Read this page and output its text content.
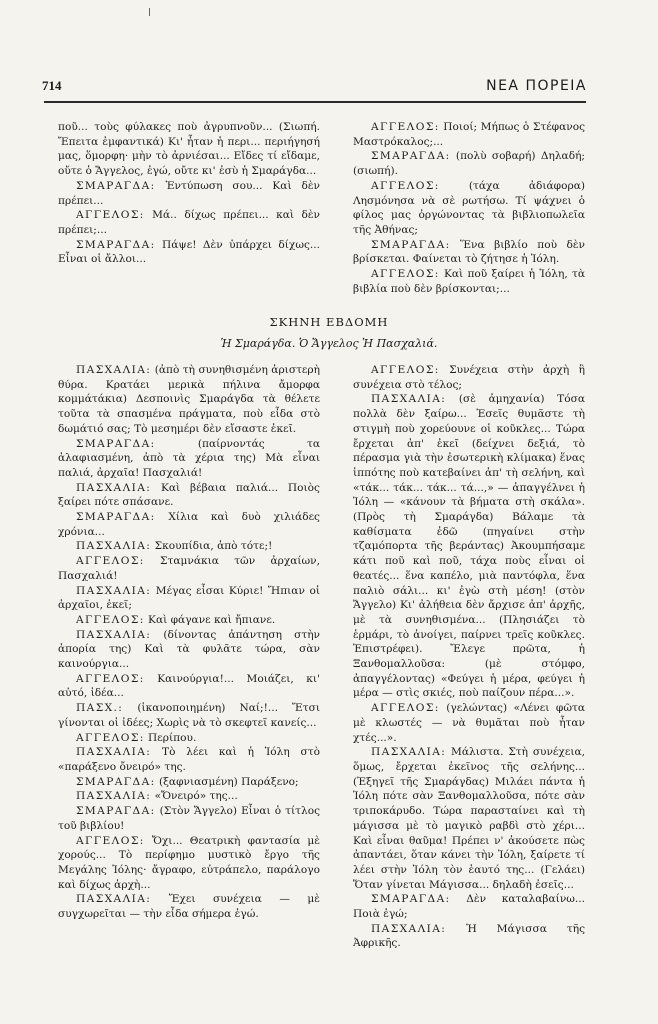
714	ΝΕΑ ΠΟΡΕΙΑ

ποῦ... τοὺς φύλακες ποὺ ἀγρυπνοῦν... (Σιωπή. Ἔπειτα ἐμφαντικά) Κι' ἦταν ἡ περι... περιήγησή μας, ὅμορφη· μὴν τὸ ἀρνιέσαι... Εἴδες τί εἴδαμε, οὔτε ὁ Ἄγγελος, ἐγώ, οὔτε κι' ἐσὺ ἡ Σμαράγδα...

ΣΜΑΡΑΓΔΑ: Ἐντύπωση σου... Καὶ δὲν πρέπει...

ΑΓΓΕΛΟΣ: Μά.. δίχως πρέπει... καὶ δὲν πρέπει;...

ΣΜΑΡΑΓΔΑ: Πάψε! Δὲν ὑπάρχει δίχως... Εἶναι οἱ ἄλλοι...

ΑΓΓΕΛΟΣ: Ποιοί; Μήπως ὁ Στέφανος Μαστρόκαλος;...

ΣΜΑΡΑΓΔΑ: (πολὺ σοβαρή) Δηλαδή; (σιωπή).

ΑΓΓΕΛΟΣ: (τάχα ἀδιάφορα) Λησμόνησα νὰ σὲ ρωτήσω. Τί ψάχνει ὁ φίλος μας ὀργώνοντας τὰ βιβλιοπωλεῖα τῆς Ἀθήνας;

ΣΜΑΡΑΓΔΑ: Ἕνα βιβλίο ποὺ δὲν βρίσκεται. Φαίνεται τὸ ζήτησε ἡ Ἰόλη.

ΑΓΓΕΛΟΣ: Καὶ ποῦ ξαίρει ἡ Ἰόλη, τὰ βιβλία ποὺ δὲν βρίσκονται;...

ΣΚΗΝΗ ΕΒΔΟΜΗ
Ἡ Σμαράγδα. Ὁ Ἄγγελος Ἡ Πασχαλιά.

ΠΑΣΧΑΛΙΑ: (ἀπὸ τὴ συνηθισμένη ἀριστερὴ θύρα. Κρατάει μερικὰ πήλινα ἄμορφα κομμάτάκια) Δεσποινὶς Σμαράγδα τὰ θέλετε τοῦτα τὰ σπασμένα πράγματα, ποὺ εἶδα στὸ δωμάτιό σας; Τὸ μεσημέρι δὲν εἴσαστε ἐκεῖ.

ΣΜΑΡΑΓΔΑ: (παίρνοντάς τα ἀλαφιασμένη, ἀπὸ τὰ χέρια της) Μὰ εἶναι παλιά, ἀρχαῖα! Πασχαλιά!

ΠΑΣΧΑΛΙΑ: Καὶ βέβαια παλιά... Ποιὸς ξαίρει πότε σπάσανε.

ΣΜΑΡΑΓΔΑ: Χίλια καὶ δυὸ χιλιάδες χρόνια...

ΠΑΣΧΑΛΙΑ: Σκουπίδια, ἀπὸ τότε;!

ΑΓΓΕΛΟΣ: Σταμνάκια τῶν ἀρχαίων, Πασχαλιά!

ΠΑΣΧΑΛΙΑ: Μέγας εἶσαι Κύριε! Ἤπιαν οἱ ἀρχαῖοι, ἐκεῖ;

ΑΓΓΕΛΟΣ: Καὶ φάγανε καὶ ἤπιανε.

ΠΑΣΧΑΛΙΑ: (δίνοντας ἀπάντηση στὴν ἀπορία της) Καὶ τὰ φυλᾶτε τώρα, σὰν καινούργια...

ΑΓΓΕΛΟΣ: Καινούργια!... Μοιάζει, κι' αὐτό, ἰδέα...

ΠΑΣΧ.: (ἱκανοποιημένη) Ναί;!... Ἔτσι γίνονται οἱ ἰδέες; Χωρὶς νὰ τὸ σκεφτεῖ κανείς...

ΑΓΓΕΛΟΣ: Περίπου.

ΠΑΣΧΑΛΙΑ: Τὸ λέει καὶ ἡ Ἰόλη στὸ «παράξενο ὄνειρό» της.

ΣΜΑΡΑΓΔΑ: (ξαφνιασμένη) Παράξενο;

ΠΑΣΧΑΛΙΑ: «Ὄνειρό» της...

ΣΜΑΡΑΓΔΑ: (Στὸν Ἄγγελο) Εἶναι ὁ τίτλος τοῦ βιβλίου!

ΑΓΓΕΛΟΣ: Ὄχι... Θεατρικὴ φαντασία μὲ χορούς... Τὸ περίφημο μυστικὸ ἔργο τῆς Μεγάλης Ἰόλης· ἄγραφο, εὐτράπελο, παράλογο καὶ δίχως ἀρχὴ...

ΠΑΣΧΑΛΙΑ: Ἔχει συνέχεια — μὲ συγχωρεῖται — τὴν εἶδα σήμερα ἐγώ.

ΑΓΓΕΛΟΣ: Συνέχεια στὴν ἀρχὴ ἢ συνέχεια στὸ τέλος;

ΠΑΣΧΑΛΙΑ: (σὲ ἀμηχανία) Τόσα πολλὰ δὲν ξαίρω... Ἐσεῖς θυμᾶστε τὴ στιγμὴ ποὺ χορεύουνε οἱ κοῦκλες... Τώρα ἔρχεται ἀπ' ἐκεῖ (δείχνει δεξιά, τὸ πέρασμα γιὰ τὴν ἐσωτερικὴ κλίμακα) ἕνας ἱππότης ποὺ κατεβαίνει ἀπ' τὴ σελήνη, καὶ «τάκ... τάκ... τάκ... τά...,» — ἀπαγγέλνει ἡ Ἰόλη — «κάνουν τὰ βήματα στὴ σκάλα». (Πρὸς τὴ Σμαράγδα) Βάλαμε τὰ καθίσματα ἐδῶ (πηγαίνει στὴν τζαμόπορτα τῆς βεράντας) Ἀκουμπήσαμε κάτι ποῦ καὶ ποῦ, τάχα ποὺς εἶναι οἱ θεατές... ἕνα καπέλο, μιὰ παντόφλα, ἕνα παλιὸ σάλι... κι' ἐγὼ στὴ μέση! (στὸν Ἄγγελο) Κι' ἀλήθεια δὲν ἄρχισε ἀπ' ἀρχῆς, μὲ τὰ συνηθισμένα... (Πλησιάζει τὸ ἑρμάρι, τὸ ἀνοίγει, παίρνει τρεῖς κοῦκλες. Ἐπιστρέφει). Ἔλεγε πρῶτα, ἡ Ξανθομαλλοῦσα: (μὲ στόμφο, ἀπαγγέλοντας) «Φεύγει ἡ μέρα, φεύγει ἡ μέρα — στὶς σκιές, ποὺ παίζουν πέρα...».

ΑΓΓΕΛΟΣ: (γελώντας) «Λένει φῶτα μὲ κλωστές — νὰ θυμᾶται ποὺ ἦταν χτές...».

ΠΑΣΧΑΛΙΑ: Μάλιστα. Στὴ συνέχεια, ὅμως, ἔρχεται ἐκεῖνος τῆς σελήνης... (Ἐξηγεῖ τῆς Σμαράγδας) Μιλάει πάντα ἡ Ἰόλη πότε σὰν Ξανθομαλλοῦσα, πότε σὰν τριποκάρυδο. Τώρα παρασταίνει καὶ τὴ μάγισσα μὲ τὸ μαγικὸ ραβδὶ στὸ χέρι... Καὶ εἶναι θαῦμα! Πρέπει ν' ἀκούσετε πὼς ἀπαντάει, ὅταν κάνει τὴν Ἰόλη, ξαίρετε τί λέει στὴν Ἰόλη τὸν ἑαυτό της... (Γελάει) Ὅταν γίνεται Μάγισσα... δηλαδὴ ἐσεῖς...

ΣΜΑΡΑΓΔΑ: Δὲν καταλαβαίνω... Ποιὰ ἐγώ;

ΠΑΣΧΑΛΙΑ: Ἡ Μάγισσα τῆς Ἀφρικῆς.
